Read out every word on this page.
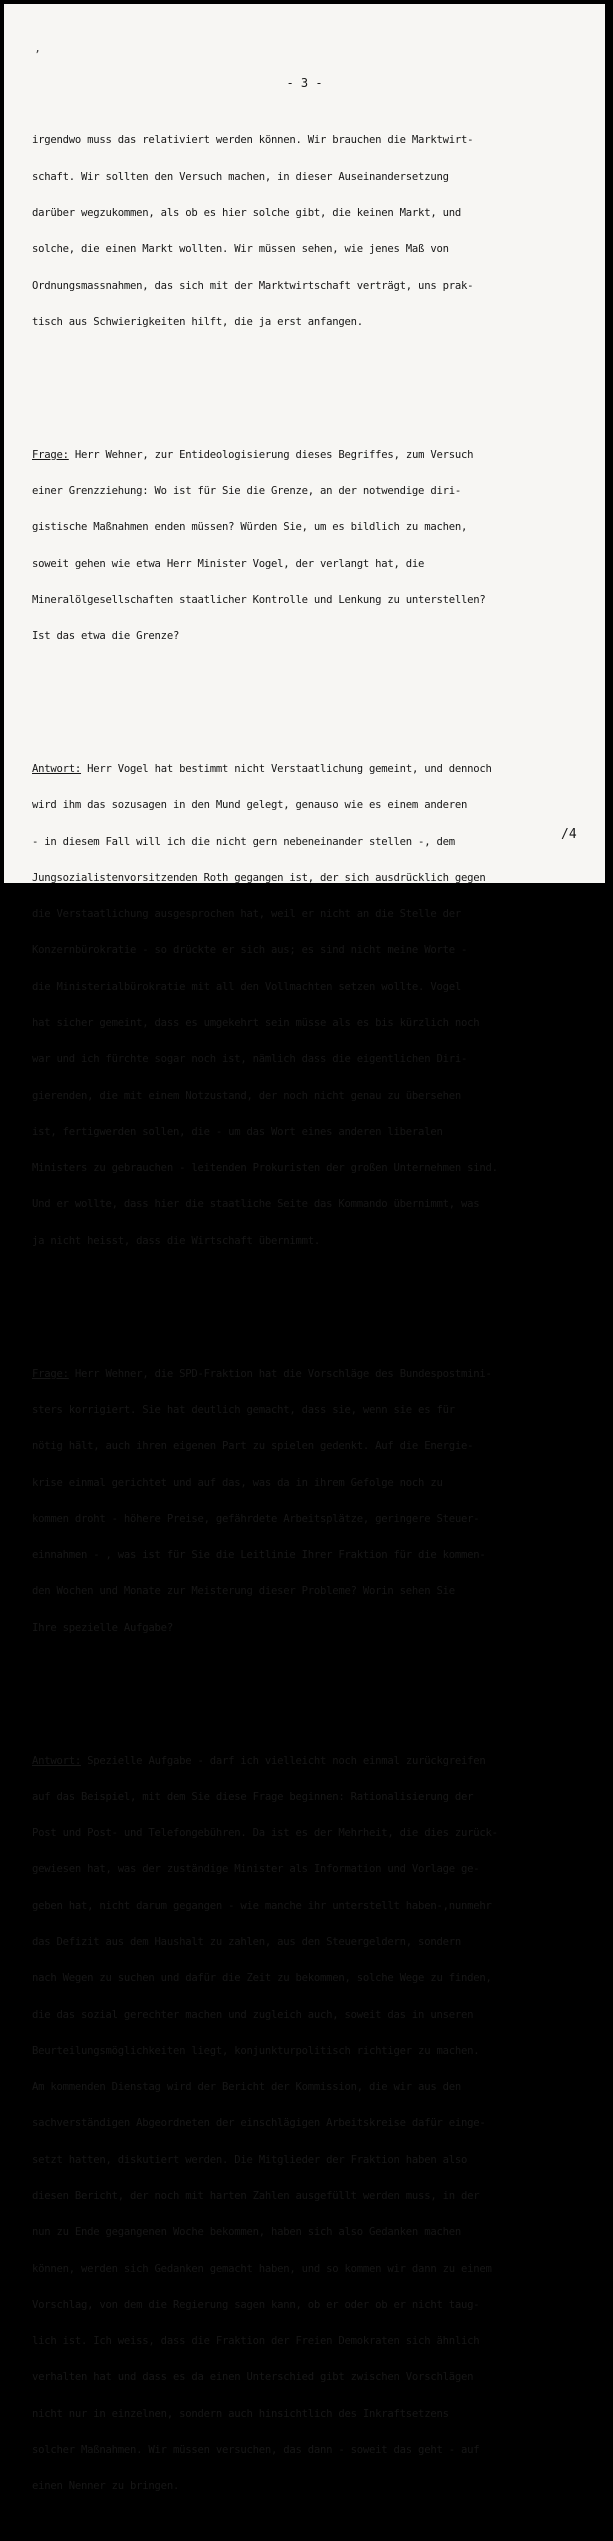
’
- 3 -

irgendwo muss das relativiert werden können. Wir brauchen die Marktwirt-

schaft. Wir sollten den Versuch machen, in dieser Auseinandersetzung

darüber wegzukommen, als ob es hier solche gibt, die keinen Markt, und

solche, die einen Markt wollten. Wir müssen sehen, wie jenes Maß von

Ordnungsmassnahmen, das sich mit der Marktwirtschaft verträgt, uns prak-

tisch aus Schwierigkeiten hilft, die ja erst anfangen.

Frage: Herr Wehner, zur Entideologisierung dieses Begriffes, zum Versuch

einer Grenzziehung: Wo ist für Sie die Grenze, an der notwendige diri-

gistische Maßnahmen enden müssen? Würden Sie, um es bildlich zu machen,

soweit gehen wie etwa Herr Minister Vogel, der verlangt hat, die

Mineralölgesellschaften staatlicher Kontrolle und Lenkung zu unterstellen?

Ist das etwa die Grenze?

Antwort: Herr Vogel hat bestimmt nicht Verstaatlichung gemeint, und dennoch

wird ihm das sozusagen in den Mund gelegt, genauso wie es einem anderen

- in diesem Fall will ich die nicht gern nebeneinander stellen -, dem

Jungsozialistenvorsitzenden Roth gegangen ist, der sich ausdrücklich gegen

die Verstaatlichung ausgesprochen hat, weil er nicht an die Stelle der

Konzernbürokratie - so drückte er sich aus; es sind nicht meine Worte -

die Ministerialbürokratie mit all den Vollmachten setzen wollte. Vogel

hat sicher gemeint, dass es umgekehrt sein müsse als es bis kürzlich noch

war und ich fürchte sogar noch ist, nämlich dass die eigentlichen Diri-

gierenden, die mit einem Notzustand, der noch nicht genau zu übersehen

ist, fertigwerden sollen, die - um das Wort eines anderen liberalen

Ministers zu gebrauchen - leitenden Prokuristen der großen Unternehmen sind.

Und er wollte, dass hier die staatliche Seite das Kommando übernimmt, was

ja nicht heisst, dass die Wirtschaft übernimmt.

Frage: Herr Wehner, die SPD-Fraktion hat die Vorschläge des Bundespostmini-

sters korrigiert. Sie hat deutlich gemacht, dass sie, wenn sie es für

nötig hält, auch ihren eigenen Part zu spielen gedenkt. Auf die Energie-

krise einmal gerichtet und auf das, was da in ihrem Gefolge noch zu

kommen droht - höhere Preise, gefährdete Arbeitsplätze, geringere Steuer-

einnahmen - , was ist für Sie die Leitlinie Ihrer Fraktion für die kommen-

den Wochen und Monate zur Meisterung dieser Probleme? Worin sehen Sie

Ihre spezielle Aufgabe?

Antwort: Spezielle Aufgabe - darf ich vielleicht noch einmal zurückgreifen

auf das Beispiel, mit dem Sie diese Frage beginnen: Rationalisierung der

Post und Post- und Telefongebühren. Da ist es der Mehrheit, die dies zurück-

gewiesen hat, was der zuständige Minister als Information und Vorlage ge-

geben hat, nicht darum gegangen - wie manche ihr unterstellt haben-,nunmehr

das Defizit aus dem Haushalt zu zahlen, aus den Steuergeldern, sondern

nach Wegen zu suchen und dafür die Zeit zu bekommen, solche Wege zu finden,

die das sozial gerechter machen und zugleich auch, soweit das in unseren

Beurteilungsmöglichkeiten liegt, konjunkturpolitisch richtiger zu machen.

Am kommenden Dienstag wird der Bericht der Kommission, die wir aus den

sachverständigen Abgeordneten der einschlägigen Arbeitskreise dafür einge-

setzt hatten, diskutiert werden. Die Mitglieder der Fraktion haben also

diesen Bericht, der noch mit harten Zahlen ausgefüllt werden muss, in der

nun zu Ende gegangenen Woche bekommen, haben sich also Gedanken machen

können, werden sich Gedanken gemacht haben, und so kommen wir dann zu einem

Vorschlag, von dem die Regierung sagen kann, ob er oder ob er nicht taug-

lich ist. Ich weiss, dass die Fraktion der Freien Demokraten sich ähnlich

verhalten hat und dass es da einen Unterschied gibt zwischen Vorschlägen

nicht nur in einzelnen, sondern auch hinsichtlich des Inkraftsetzens

solcher Maßnahmen. Wir müssen versuchen, das dann - soweit das geht - auf

einen Nenner zu bringen.

/4
